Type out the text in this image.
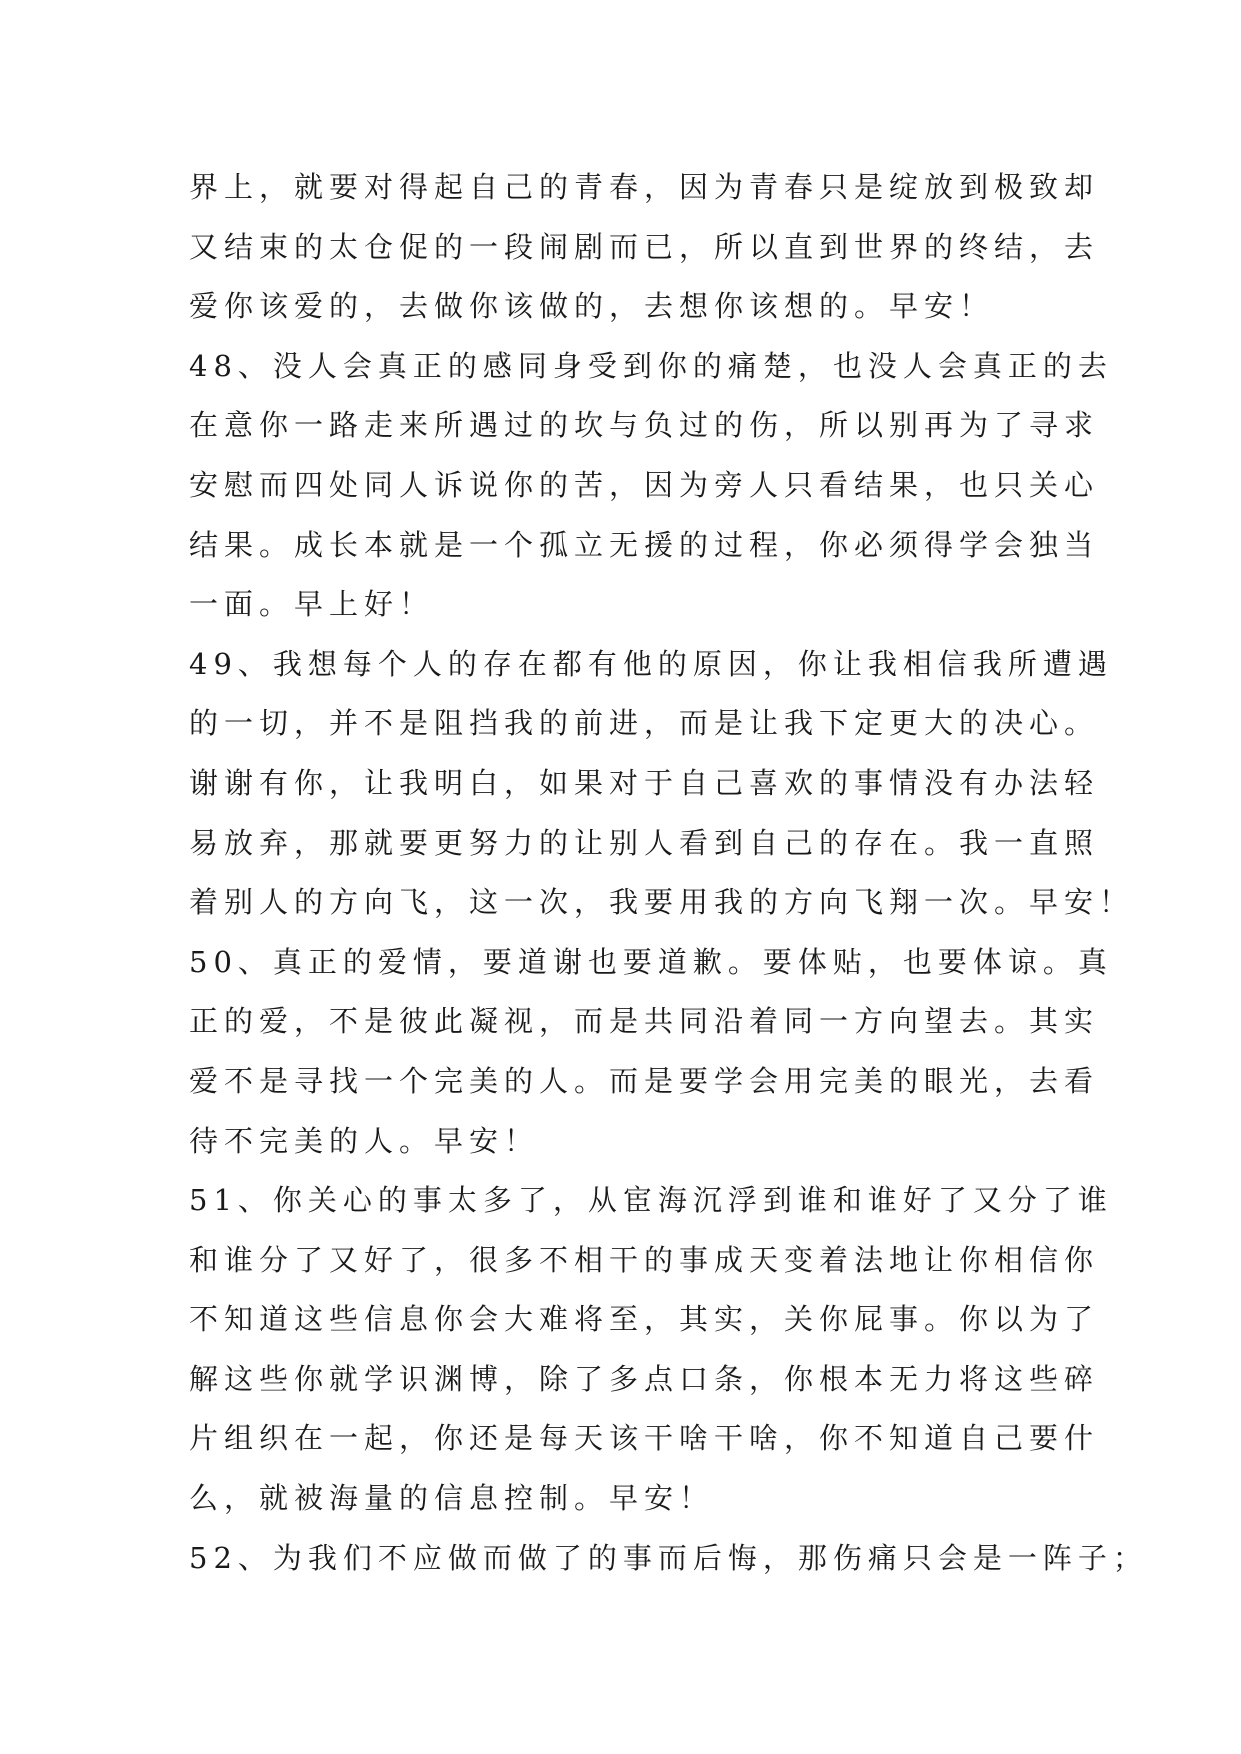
界上，就要对得起自己的青春，因为青春只是绽放到极致却
又结束的太仓促的一段闹剧而已，所以直到世界的终结，去
爱你该爱的，去做你该做的，去想你该想的。早安！
48、没人会真正的感同身受到你的痛楚，也没人会真正的去
在意你一路走来所遇过的坎与负过的伤，所以别再为了寻求
安慰而四处同人诉说你的苦，因为旁人只看结果，也只关心
结果。成长本就是一个孤立无援的过程，你必须得学会独当
一面。早上好！
49、我想每个人的存在都有他的原因，你让我相信我所遭遇
的一切，并不是阻挡我的前进，而是让我下定更大的决心。
谢谢有你，让我明白，如果对于自己喜欢的事情没有办法轻
易放弃，那就要更努力的让别人看到自己的存在。我一直照
着别人的方向飞，这一次，我要用我的方向飞翔一次。早安！
50、真正的爱情，要道谢也要道歉。要体贴，也要体谅。真
正的爱，不是彼此凝视，而是共同沿着同一方向望去。其实
爱不是寻找一个完美的人。而是要学会用完美的眼光，去看
待不完美的人。早安！
51、你关心的事太多了，从宦海沉浮到谁和谁好了又分了谁
和谁分了又好了，很多不相干的事成天变着法地让你相信你
不知道这些信息你会大难将至，其实，关你屁事。你以为了
解这些你就学识渊博，除了多点口条，你根本无力将这些碎
片组织在一起，你还是每天该干啥干啥，你不知道自己要什
么，就被海量的信息控制。早安！
52、为我们不应做而做了的事而后悔，那伤痛只会是一阵子；
